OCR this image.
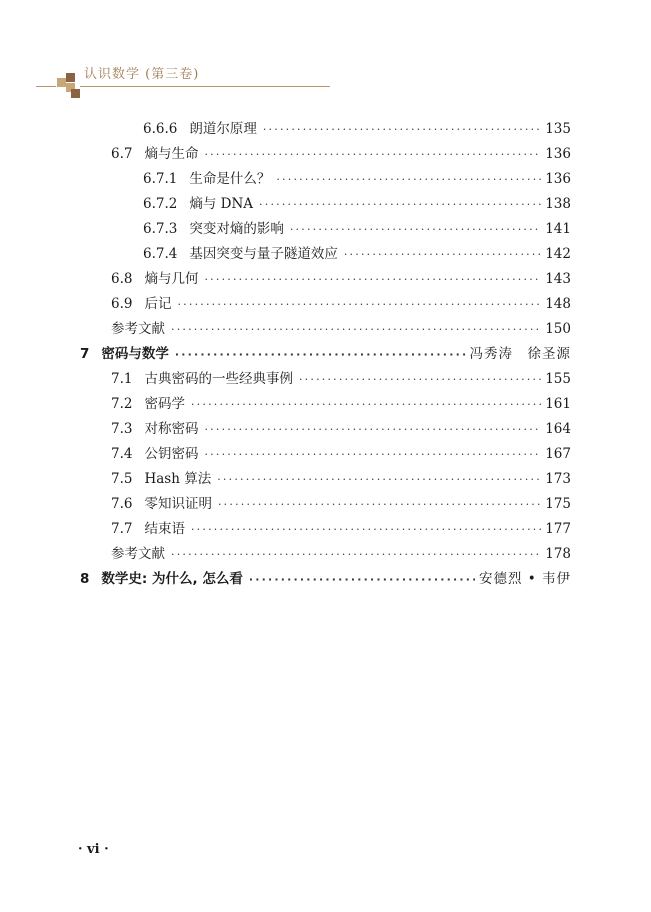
认识数学 (第三卷)
6.6.6 朗道尔原理 ·····	135
6.7 熵与生命 ·····	136
6.7.1 生命是什么？ ·····	136
6.7.2 熵与 DNA ·····	138
6.7.3 突变对熵的影响 ·····	141
6.7.4 基因突变与量子隧道效应 ·····	142
6.8 熵与几何 ·····	143
6.9 后记 ·····	148
参考文献 ·····	150
7 密码与数学 ·····	冯秀涛　徐圣源
7.1 古典密码的一些经典事例 ·····	155
7.2 密码学 ·····	161
7.3 对称密码 ·····	164
7.4 公钥密码 ·····	167
7.5 Hash 算法 ·····	173
7.6 零知识证明 ·····	175
7.7 结束语 ·····	177
参考文献 ·····	178
8 数学史: 为什么, 怎么看 ·····	安德烈 • 韦伊
· vi ·
